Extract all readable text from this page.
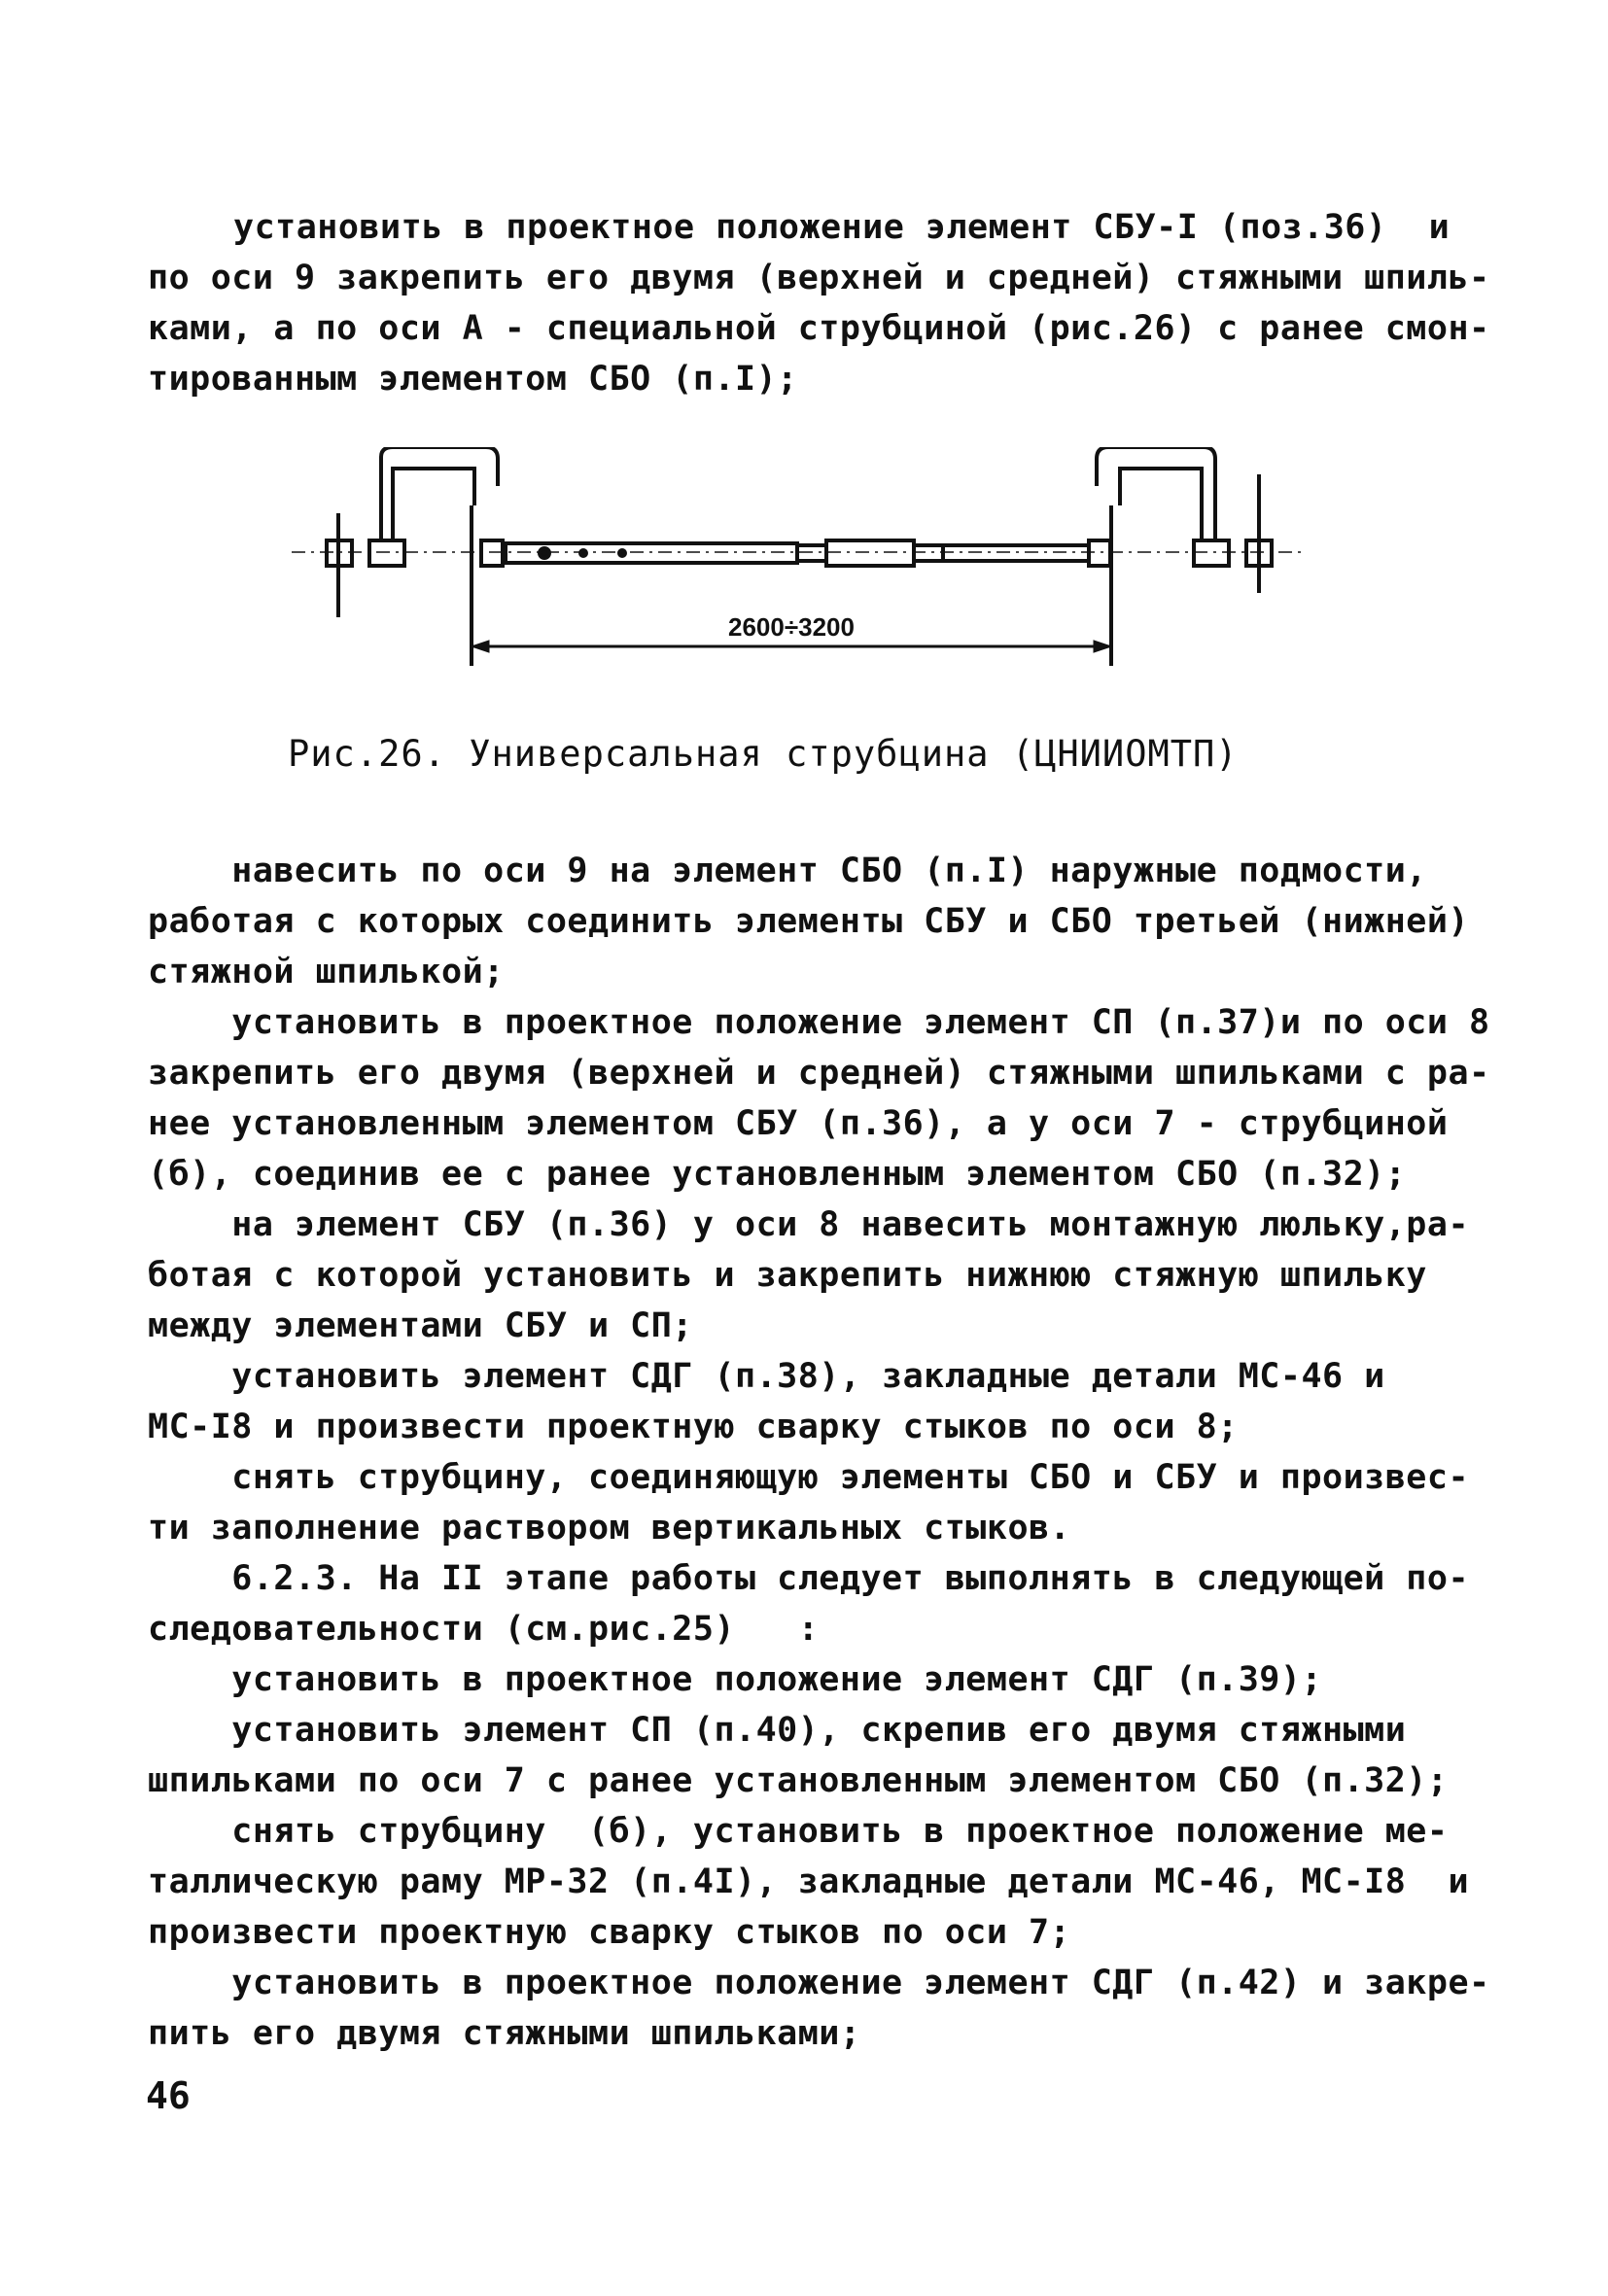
установить в проектное положение элемент СБУ-I (поз.36)  и
по оси 9 закрепить его двумя (верхней и средней) стяжными шпиль-
ками, а по оси А - специальной струбциной (рис.26) с ранее смон-
тированным элементом СБО (п.I);
2600÷3200
Рис.26. Универсальная струбцина (ЦНИИОМТП)
навесить по оси 9 на элемент СБО (п.I) наружные подмости,
работая с которых соединить элементы СБУ и СБО третьей (нижней)
стяжной шпилькой;
установить в проектное положение элемент СП (п.37)и по оси 8
закрепить его двумя (верхней и средней) стяжными шпильками с ра-
нее установленным элементом СБУ (п.36), а у оси 7 - струбциной
(б), соединив ее с ранее установленным элементом СБО (п.32);
на элемент СБУ (п.36) у оси 8 навесить монтажную люльку,ра-
ботая с которой установить и закрепить нижнюю стяжную шпильку
между элементами СБУ и СП;
установить элемент СДГ (п.38), закладные детали МС-46 и
МС-I8 и произвести проектную сварку стыков по оси 8;
снять струбцину, соединяющую элементы СБО и СБУ и произвес-
ти заполнение раствором вертикальных стыков.
6.2.3. На II этапе работы следует выполнять в следующей по-
следовательности (см.рис.25)   :
установить в проектное положение элемент СДГ (п.39);
установить элемент СП (п.40), скрепив его двумя стяжными
шпильками по оси 7 с ранее установленным элементом СБО (п.32);
снять струбцину  (б), установить в проектное положение ме-
таллическую раму МР-32 (п.4I), закладные детали МС-46, МС-I8  и
произвести проектную сварку стыков по оси 7;
установить в проектное положение элемент СДГ (п.42) и закре-
пить его двумя стяжными шпильками;
46
